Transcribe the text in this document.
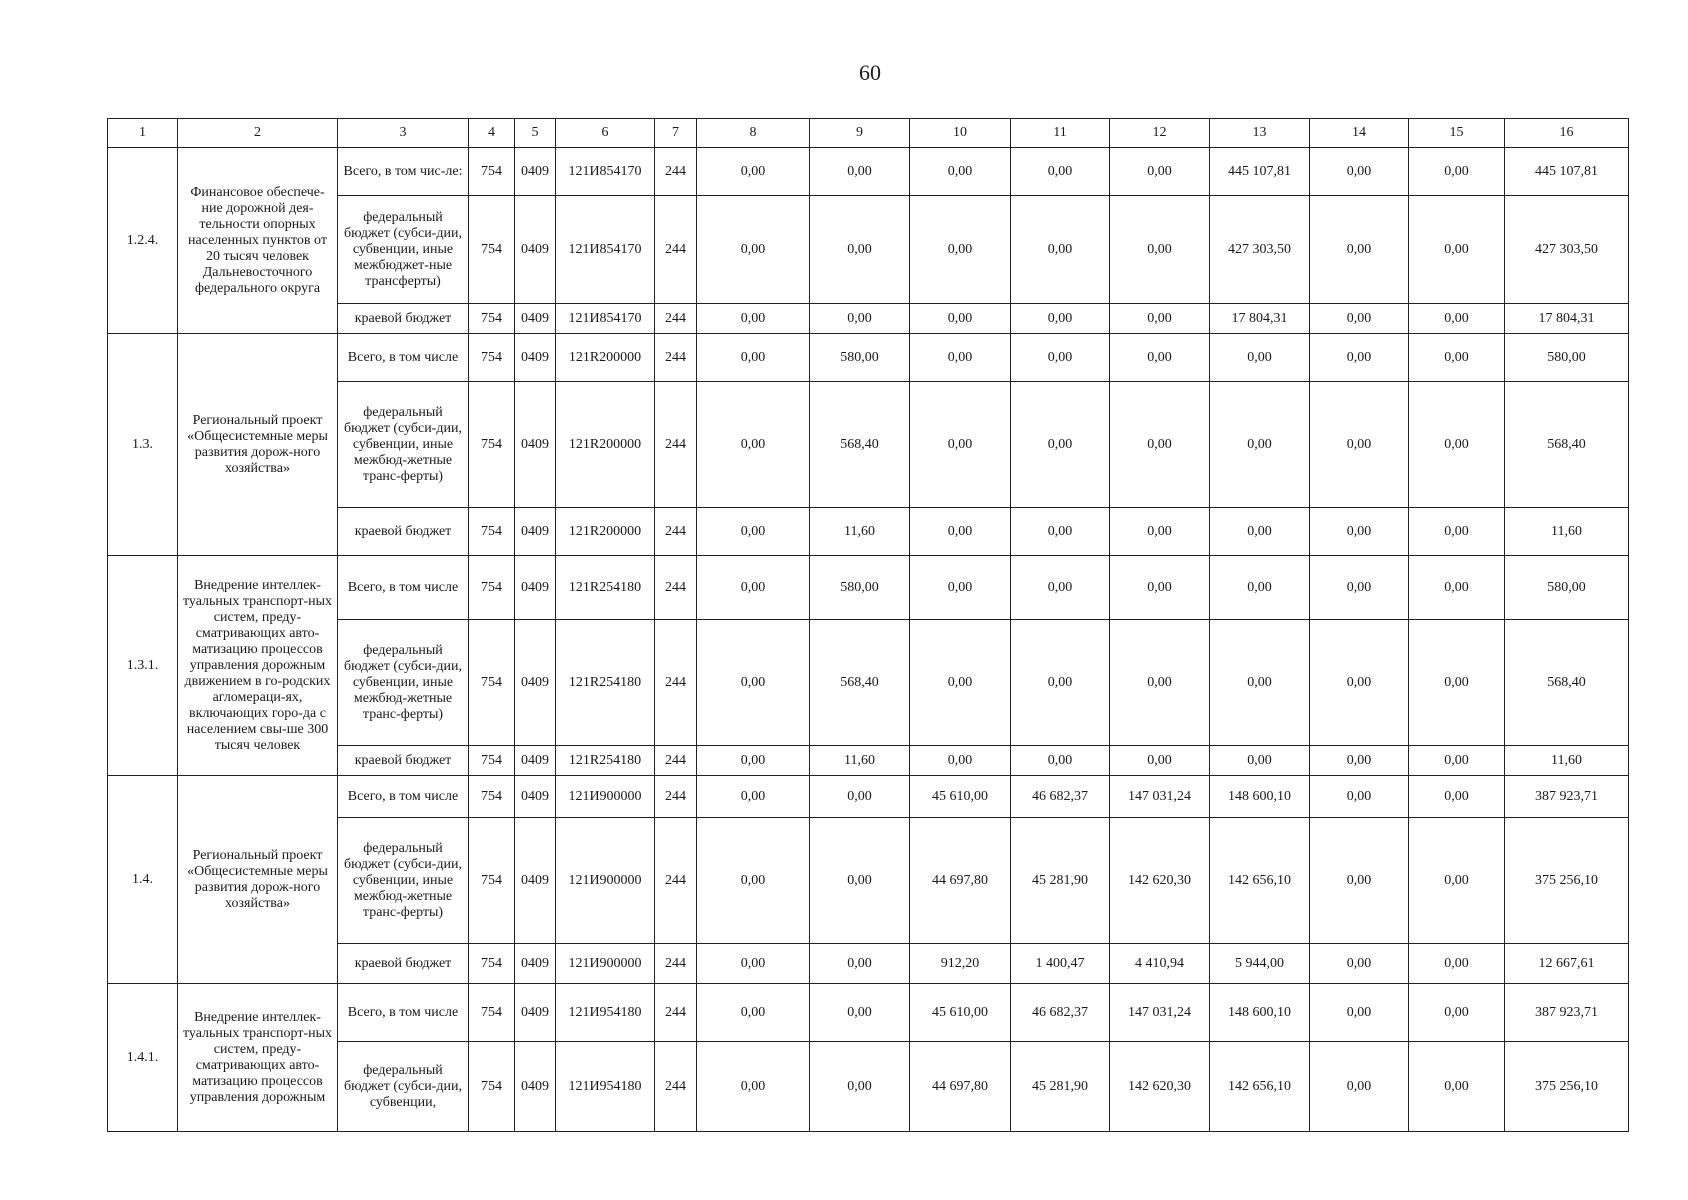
60
1	2	3	4	5	6	7	8	9	10	11	12	13	14	15	16
1.2.4.	Финансовое обеспече-ние дорожной дея-тельности опорных населенных пунктов от 20 тысяч человек Дальневосточного федерального округа	Всего, в том чис-ле:	754	0409	121И854170	244	0,00	0,00	0,00	0,00	0,00	445 107,81	0,00	0,00	445 107,81
		федеральный бюджет (субси-дии, субвенции, иные межбюджет-ные трансферты)	754	0409	121И854170	244	0,00	0,00	0,00	0,00	0,00	427 303,50	0,00	0,00	427 303,50
		краевой бюджет	754	0409	121И854170	244	0,00	0,00	0,00	0,00	0,00	17 804,31	0,00	0,00	17 804,31
1.3.	Региональный проект «Общесистемные меры развития дорож-ного хозяйства»	Всего, в том числе	754	0409	121R200000	244	0,00	580,00	0,00	0,00	0,00	0,00	0,00	0,00	580,00
		федеральный бюджет (субси-дии, субвенции, иные межбюд-жетные транс-ферты)	754	0409	121R200000	244	0,00	568,40	0,00	0,00	0,00	0,00	0,00	0,00	568,40
		краевой бюджет	754	0409	121R200000	244	0,00	11,60	0,00	0,00	0,00	0,00	0,00	0,00	11,60
1.3.1.	Внедрение интеллек-туальных транспорт-ных систем, преду-сматривающих авто-матизацию процессов управления дорожным движением в го-родских агломераци-ях, включающих горо-да с населением свы-ше 300 тысяч человек	Всего, в том числе	754	0409	121R254180	244	0,00	580,00	0,00	0,00	0,00	0,00	0,00	0,00	580,00
		федеральный бюджет (субси-дии, субвенции, иные межбюд-жетные транс-ферты)	754	0409	121R254180	244	0,00	568,40	0,00	0,00	0,00	0,00	0,00	0,00	568,40
		краевой бюджет	754	0409	121R254180	244	0,00	11,60	0,00	0,00	0,00	0,00	0,00	0,00	11,60
1.4.	Региональный проект «Общесистемные меры развития дорож-ного хозяйства»	Всего, в том числе	754	0409	121И900000	244	0,00	0,00	45 610,00	46 682,37	147 031,24	148 600,10	0,00	0,00	387 923,71
		федеральный бюджет (субси-дии, субвенции, иные межбюд-жетные транс-ферты)	754	0409	121И900000	244	0,00	0,00	44 697,80	45 281,90	142 620,30	142 656,10	0,00	0,00	375 256,10
		краевой бюджет	754	0409	121И900000	244	0,00	0,00	912,20	1 400,47	4 410,94	5 944,00	0,00	0,00	12 667,61
1.4.1.	Внедрение интеллек-туальных транспорт-ных систем, преду-сматривающих авто-матизацию процессов управления дорожным	Всего, в том числе	754	0409	121И954180	244	0,00	0,00	45 610,00	46 682,37	147 031,24	148 600,10	0,00	0,00	387 923,71
		федеральный бюджет (субси-дии, субвенции,	754	0409	121И954180	244	0,00	0,00	44 697,80	45 281,90	142 620,30	142 656,10	0,00	0,00	375 256,10
